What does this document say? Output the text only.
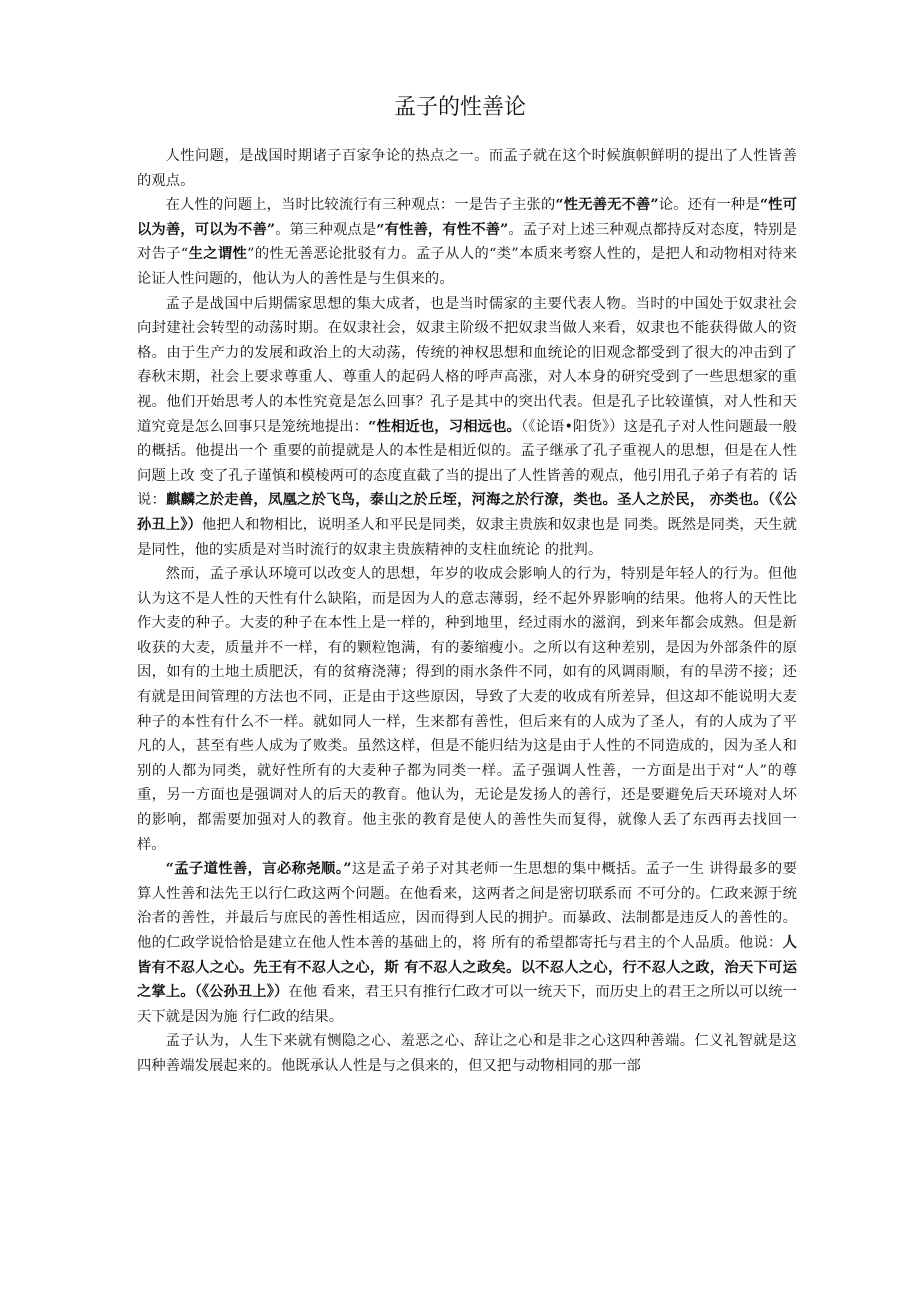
孟子的性善论

人性问题，是战国时期诸子百家争论的热点之一。而孟子就在这个时候旗帜鲜明的提出了人性皆善的观点。

在人性的问题上，当时比较流行有三种观点：一是告子主张的“性无善无不善”论。还有一种是“性可以为善，可以为不善”。第三种观点是“有性善，有性不善”。孟子对上述三种观点都持反对态度，特别是对告子“生之谓性”的性无善恶论批驳有力。孟子从人的“类”本质来考察人性的，是把人和动物相对待来论证人性问题的，他认为人的善性是与生俱来的。

孟子是战国中后期儒家思想的集大成者，也是当时儒家的主要代表人物。当时的中国处于奴隶社会向封建社会转型的动荡时期。在奴隶社会，奴隶主阶级不把奴隶当做人来看，奴隶也不能获得做人的资格。由于生产力的发展和政治上的大动荡，传统的神权思想和血统论的旧观念都受到了很大的冲击到了春秋末期，社会上要求尊重人、尊重人的起码人格的呼声高涨，对人本身的研究受到了一些思想家的重视。他们开始思考人的本性究竟是怎么回事？孔子是其中的突出代表。但是孔子比较谨慎，对人性和天道究竟是怎么回事只是笼统地提出：“性相近也，习相远也。（《论语•阳货》）这是孔子对人性问题最一般的概括。他提出一个 重要的前提就是人的本性是相近似的。孟子继承了孔子重视人的思想，但是在人性问题上改 变了孔子谨慎和模棱两可的态度直截了当的提出了人性皆善的观点，他引用孔子弟子有若的 话说：麒麟之於走兽，凤凰之於飞鸟，泰山之於丘垤，河海之於行潦，类也。圣人之於民， 亦类也。（《公孙丑上》）他把人和物相比，说明圣人和平民是同类，奴隶主贵族和奴隶也是 同类。既然是同类，天生就是同性，他的实质是对当时流行的奴隶主贵族精神的支柱血统论 的批判。

然而，孟子承认环境可以改变人的思想，年岁的收成会影响人的行为，特别是年轻人的行为。但他认为这不是人性的天性有什么缺陷，而是因为人的意志薄弱，经不起外界影响的结果。他将人的天性比作大麦的种子。大麦的种子在本性上是一样的，种到地里，经过雨水的滋润，到来年都会成熟。但是新收获的大麦，质量并不一样，有的颗粒饱满，有的萎缩瘦小。之所以有这种差别，是因为外部条件的原因，如有的土地土质肥沃，有的贫瘠浇薄；得到的雨水条件不同，如有的风调雨顺，有的旱涝不接；还有就是田间管理的方法也不同，正是由于这些原因，导致了大麦的收成有所差异，但这却不能说明大麦种子的本性有什么不一样。就如同人一样，生来都有善性，但后来有的人成为了圣人，有的人成为了平凡的人，甚至有些人成为了败类。虽然这样，但是不能归结为这是由于人性的不同造成的，因为圣人和别的人都为同类，就好性所有的大麦种子都为同类一样。孟子强调人性善，一方面是出于对“人”的尊重，另一方面也是强调对人的后天的教育。他认为，无论是发扬人的善行，还是要避免后天环境对人坏的影响，都需要加强对人的教育。他主张的教育是使人的善性失而复得，就像人丢了东西再去找回一样。

“孟子道性善，言必称尧顺。”这是孟子弟子对其老师一生思想的集中概括。孟子一生 讲得最多的要算人性善和法先王以行仁政这两个问题。在他看来，这两者之间是密切联系而 不可分的。仁政来源于统治者的善性，并最后与庶民的善性相适应，因而得到人民的拥护。而暴政、法制都是违反人的善性的。他的仁政学说恰恰是建立在他人性本善的基础上的，将 所有的希望都寄托与君主的个人品质。他说：人皆有不忍人之心。先王有不忍人之心，斯 有不忍人之政矣。以不忍人之心，行不忍人之政，治天下可运之掌上。（《公孙丑上》）在他 看来，君王只有推行仁政才可以一统天下，而历史上的君王之所以可以统一天下就是因为施 行仁政的结果。

孟子认为，人生下来就有恻隐之心、羞恶之心、辞让之心和是非之心这四种善端。仁义礼智就是这四种善端发展起来的。他既承认人性是与之俱来的，但又把与动物相同的那一部
